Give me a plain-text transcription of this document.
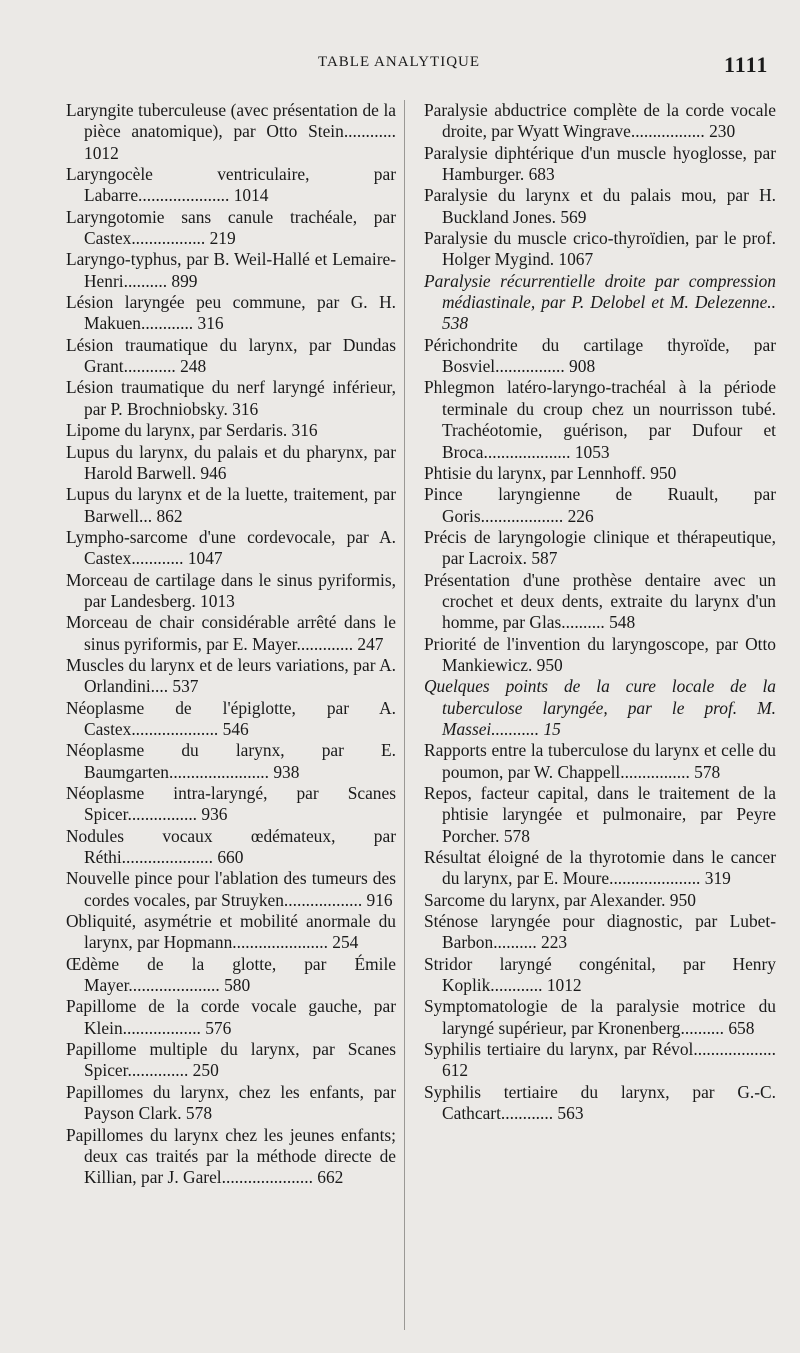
TABLE ANALYTIQUE	1111

Laryngite tuberculeuse (avec présentation de la pièce anatomique), par Otto Stein............ 1012

Laryngocèle ventriculaire, par Labarre..................... 1014

Laryngotomie sans canule trachéale, par Castex................. 219

Laryngo-typhus, par B. Weil-Hallé et Lemaire-Henri.......... 899

Lésion laryngée peu commune, par G. H. Makuen............ 316

Lésion traumatique du larynx, par Dundas Grant............ 248

Lésion traumatique du nerf laryngé inférieur, par P. Brochniobsky. 316

Lipome du larynx, par Serdaris. 316

Lupus du larynx, du palais et du pharynx, par Harold Barwell. 946

Lupus du larynx et de la luette, traitement, par Barwell... 862

Lympho-sarcome d'une cordevocale, par A. Castex............ 1047

Morceau de cartilage dans le sinus pyriformis, par Landesberg. 1013

Morceau de chair considérable arrêté dans le sinus pyriformis, par E. Mayer............. 247

Muscles du larynx et de leurs variations, par A. Orlandini.... 537

Néoplasme de l'épiglotte, par A. Castex.................... 546

Néoplasme du larynx, par E. Baumgarten....................... 938

Néoplasme intra-laryngé, par Scanes Spicer................ 936

Nodules vocaux œdémateux, par Réthi..................... 660

Nouvelle pince pour l'ablation des tumeurs des cordes vocales, par Struyken.................. 916

Obliquité, asymétrie et mobilité anormale du larynx, par Hopmann...................... 254

Œdème de la glotte, par Émile Mayer..................... 580

Papillome de la corde vocale gauche, par Klein.................. 576

Papillome multiple du larynx, par Scanes Spicer.............. 250

Papillomes du larynx, chez les enfants, par Payson Clark. 578

Papillomes du larynx chez les jeunes enfants; deux cas traités par la méthode directe de Killian, par J. Garel..................... 662

Paralysie abductrice complète de la corde vocale droite, par Wyatt Wingrave................. 230

Paralysie diphtérique d'un muscle hyoglosse, par Hamburger. 683

Paralysie du larynx et du palais mou, par H. Buckland Jones. 569

Paralysie du muscle crico-thyroïdien, par le prof. Holger Mygind. 1067

Paralysie récurrentielle droite par compression médiastinale, par P. Delobel et M. Delezenne.. 538

Périchondrite du cartilage thyroïde, par Bosviel................ 908

Phlegmon latéro-laryngo-trachéal à la période terminale du croup chez un nourrisson tubé. Trachéotomie, guérison, par Dufour et Broca.................... 1053

Phtisie du larynx, par Lennhoff. 950

Pince laryngienne de Ruault, par Goris................... 226

Précis de laryngologie clinique et thérapeutique, par Lacroix. 587

Présentation d'une prothèse dentaire avec un crochet et deux dents, extraite du larynx d'un homme, par Glas.......... 548

Priorité de l'invention du laryngoscope, par Otto Mankiewicz. 950

Quelques points de la cure locale de la tuberculose laryngée, par le prof. M. Massei........... 15

Rapports entre la tuberculose du larynx et celle du poumon, par W. Chappell................ 578

Repos, facteur capital, dans le traitement de la phtisie laryngée et pulmonaire, par Peyre Porcher. 578

Résultat éloigné de la thyrotomie dans le cancer du larynx, par E. Moure..................... 319

Sarcome du larynx, par Alexander. 950

Sténose laryngée pour diagnostic, par Lubet-Barbon.......... 223

Stridor laryngé congénital, par Henry Koplik............ 1012

Symptomatologie de la paralysie motrice du laryngé supérieur, par Kronenberg.......... 658

Syphilis tertiaire du larynx, par Révol................... 612

Syphilis tertiaire du larynx, par G.-C. Cathcart............ 563
